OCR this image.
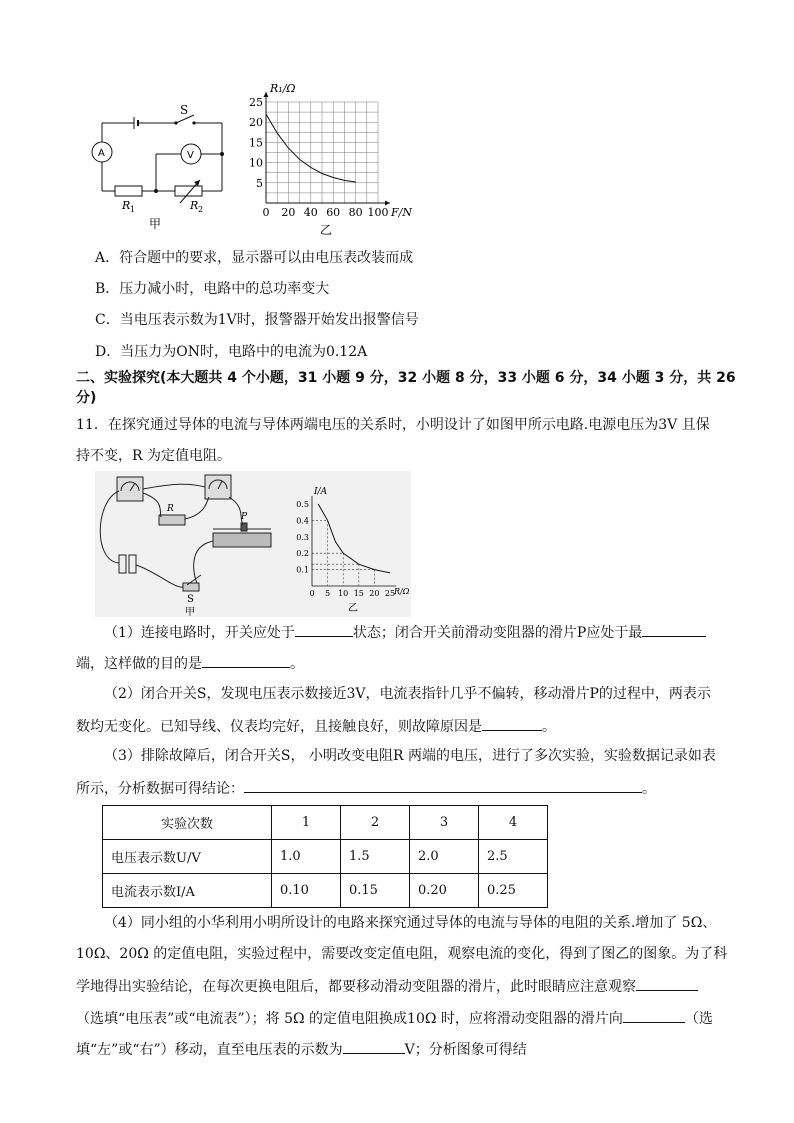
S
A	V
R 1	R 2
甲
0 20 40 60 80 100
5
10
15
20
25
R₁/Ω
F/N
乙
A．符合题中的要求，显示器可以由电压表改装而成
B．压力减小时，电路中的总功率变大
C．当电压表示数为1V时，报警器开始发出报警信号
D．当压力为ON时，电路中的电流为0.12A
二、实验探究(本大题共 4 个小题，31 小题 9 分，32 小题 8 分，33 小题 6 分，34 小题 3 分，共 26
分)
11．在探究通过导体的电流与导体两端电压的关系时，小明设计了如图甲所示电路.电源电压为3V 且保
持不变，R 为定值电阻。
R
P
S
甲
0 5 10 15 20 25
0.1
0.2
0.3
0.4
0.5
I/A
R/Ω
乙
（1）连接电路时，开关应处于	状态；闭合开关前滑动变阻器的滑片P应处于最
端，这样做的目的是	。
（2）闭合开关S，发现电压表示数接近3V，电流表指针几乎不偏转，移动滑片P的过程中，两表示
数均无变化。已知导线、仪表均完好，且接触良好，则故障原因是	。
（3）排除故障后，闭合开关S， 小明改变电阻R 两端的电压，进行了多次实验，实验数据记录如表
所示，分析数据可得结论：	。
实验次数	1	2	3	4
电压表示数U/V	1.0	1.5	2.0	2.5
电流表示数I/A	0.10	0.15	0.20	0.25
（4）同小组的小华利用小明所设计的电路来探究通过导体的电流与导体的电阻的关系.增加了 5Ω、
10Ω、20Ω 的定值电阻，实验过程中，需要改变定值电阻，观察电流的变化，得到了图乙的图象。为了科
学地得出实验结论，在每次更换电阻后，都要移动滑动变阻器的滑片，此时眼睛应注意观察
（选填“电压表”或“电流表”）；将 5Ω 的定值电阻换成10Ω 时，应将滑动变阻器的滑片向	（选
填“左”或“右”）移动，直至电压表的示数为	V；分析图象可得结
